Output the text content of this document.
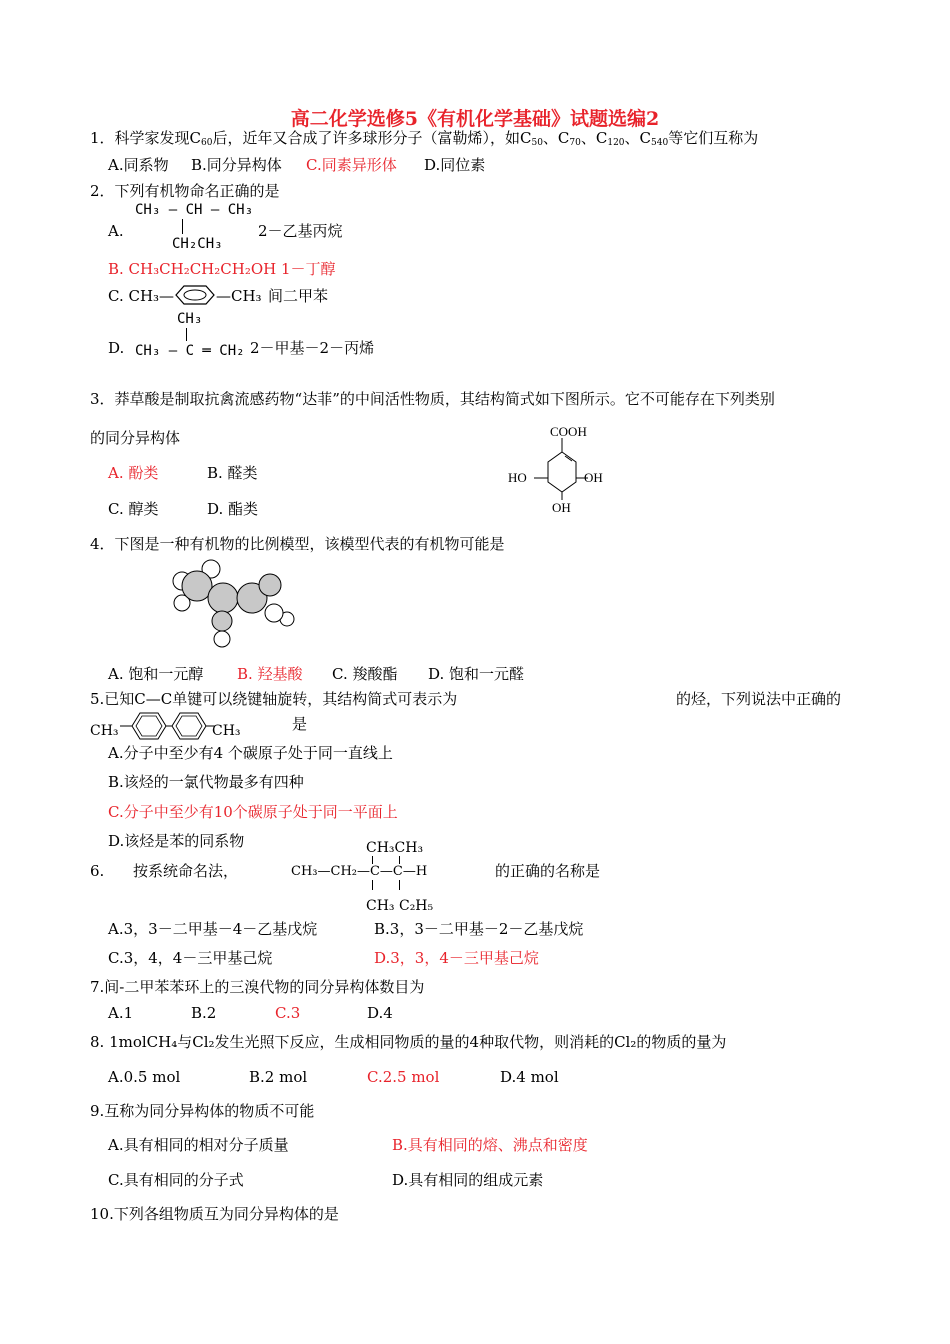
高二化学选修5《有机化学基础》试题选编2
1．科学家发现$C_{60}$后，近年又合成了许多球形分子（富勒烯），如$C_{50}$、$C_{70}$、$C_{120}$、$C_{540}$等它们互称为
A.同系物 B.同分异构体 C.同素异形体 D.同位素
2．下列有机物命名正确的是
A.
CH₃ — CH — CH₃
CH₂CH₃
2－乙基丙烷
B. CH₃CH₂CH₂CH₂OH 1－丁醇
C. CH₃—	—CH₃ 间二甲苯
D.
CH₃
CH₃ — C ═ CH₂ 2－甲基－2－丙烯
3．莽草酸是制取抗禽流感药物“达菲”的中间活性物质，其结构简式如下图所示。它不可能存在下列类别
的同分异构体
A. 酚类	B. 醛类
C. 醇类	D. 酯类
COOH
HO	OH
OH
4．下图是一种有机物的比例模型，该模型代表的有机物可能是
A. 饱和一元醇 B. 羟基酸 C. 羧酸酯 D. 饱和一元醛
5.已知C—C单键可以绕键轴旋转，其结构简式可表示为	的烃，下列说法中正确的
CH₃	CH₃	是
A.分子中至少有4 个碳原子处于同一直线上
B.该烃的一氯代物最多有四种
C.分子中至少有10个碳原子处于同一平面上
D.该烃是苯的同系物
6. 按系统命名法，
CH₃CH₃
CH₃—CH₂—C—C—H
CH₃ C₂H₅
的正确的名称是
A.3，3－二甲基－4－乙基戊烷	B.3，3－二甲基－2－乙基戊烷
C.3，4，4－三甲基己烷	D.3，3，4－三甲基己烷
7.间-二甲苯苯环上的三溴代物的同分异构体数目为
A.1	B.2	C.3	D.4
8. 1molCH₄与Cl₂发生光照下反应，生成相同物质的量的4种取代物，则消耗的Cl₂的物质的量为
A.0.5 mol	B.2 mol	C.2.5 mol	D.4 mol
9.互称为同分异构体的物质不可能
A.具有相同的相对分子质量	B.具有相同的熔、沸点和密度
C.具有相同的分子式	D.具有相同的组成元素
10.下列各组物质互为同分异构体的是
